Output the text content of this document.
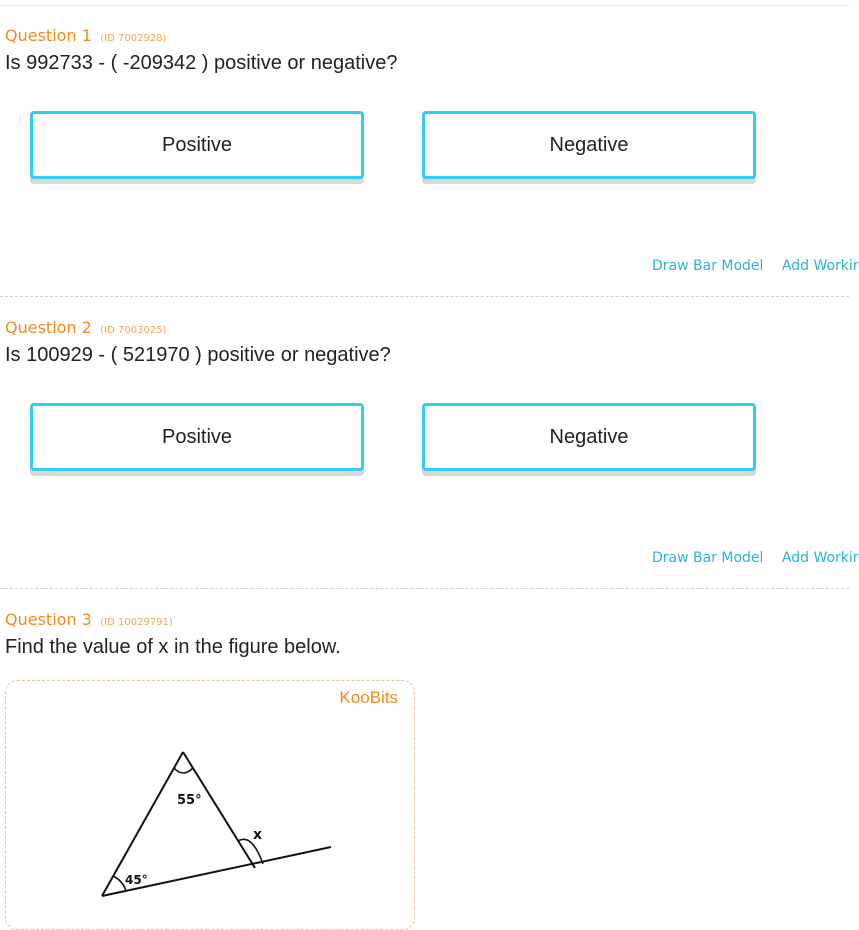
Question 1 (ID 7002928)
Is 992733 - ( -209342 ) positive or negative?
Positive	Negative
Draw Bar Model Add Workir
Question 2 (ID 7003025)
Is 100929 - ( 521970 ) positive or negative?
Positive	Negative
Draw Bar Model Add Workir
Question 3 (ID 10029791)
Find the value of x in the figure below.
KooBits
55°
45°
x
